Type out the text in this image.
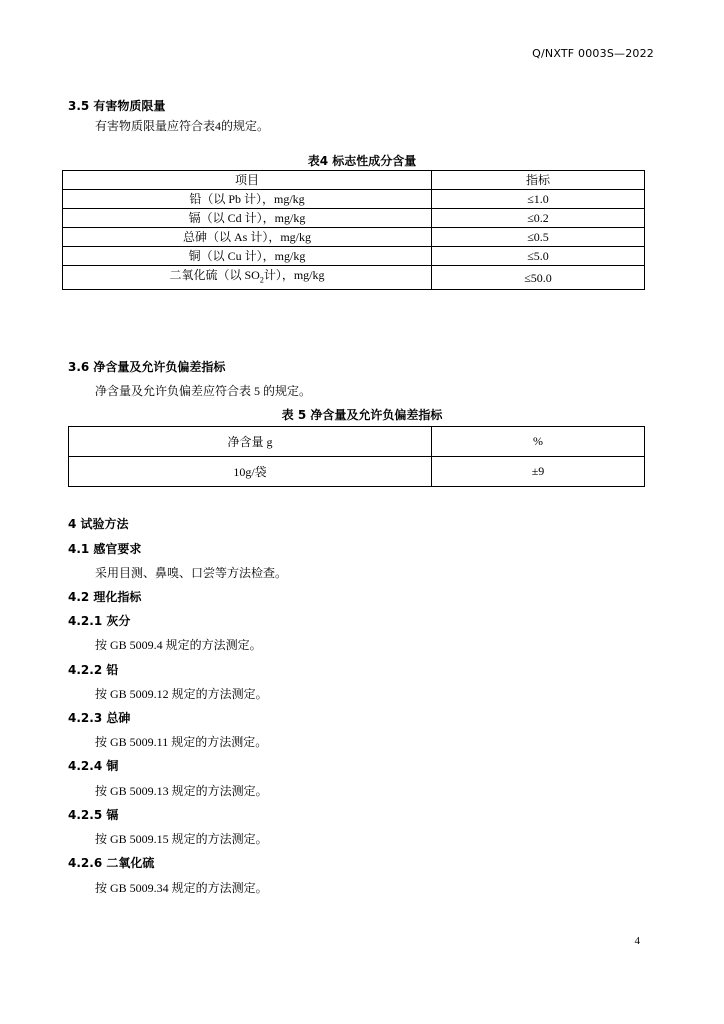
Q/NXTF 0003S—2022
3.5 有害物质限量
有害物质限量应符合表4的规定。
表4 标志性成分含量
项目	指标
铅（以 Pb 计），mg/kg	≤1.0
镉（以 Cd 计），mg/kg	≤0.2
总砷（以 As 计），mg/kg	≤0.5
铜（以 Cu 计），mg/kg	≤5.0
二氧化硫（以 $SO_2$计），mg/kg	≤50.0
3.6 净含量及允许负偏差指标
净含量及允许负偏差应符合表 5 的规定。
表 5 净含量及允许负偏差指标
净含量 g	%
10g/袋	±9
4 试验方法
4.1 感官要求
采用目测、鼻嗅、口尝等方法检查。
4.2 理化指标
4.2.1 灰分
按 GB 5009.4 规定的方法测定。
4.2.2 铅
按 GB 5009.12 规定的方法测定。
4.2.3 总砷
按 GB 5009.11 规定的方法测定。
4.2.4 铜
按 GB 5009.13 规定的方法测定。
4.2.5 镉
按 GB 5009.15 规定的方法测定。
4.2.6 二氧化硫
按 GB 5009.34 规定的方法测定。
4
